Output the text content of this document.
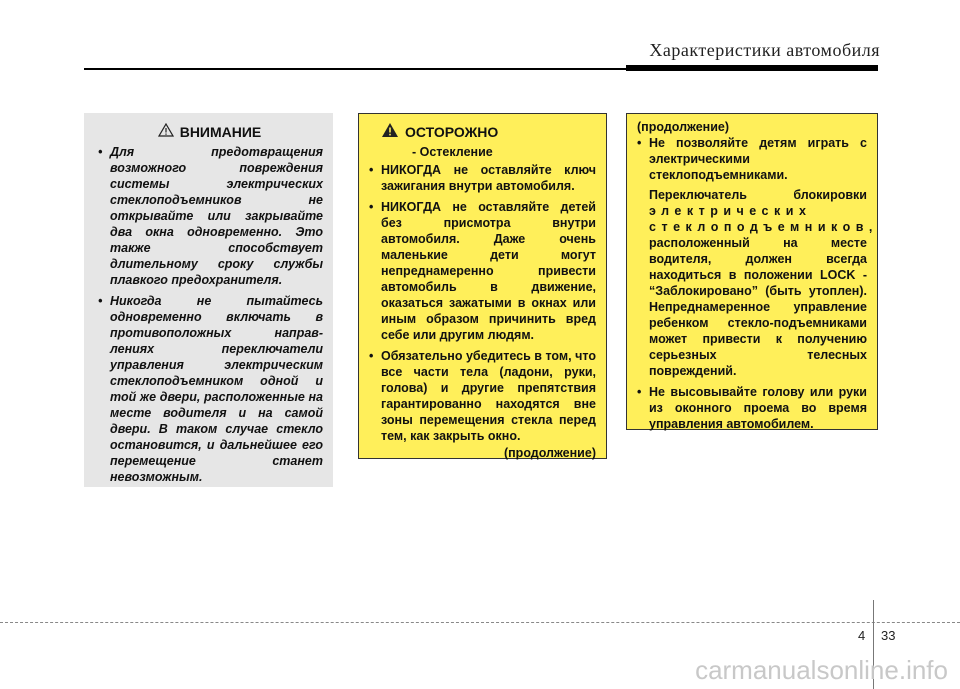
Характеристики автомобиля
ВНИМАНИЕ
• Для предотвращения возможного повреждения системы электрических стеклоподъемников не открывайте или закрывайте два окна одновременно. Это также способствует длительному сроку службы плавкого предохранителя.
• Никогда не пытайтесь одновременно включать в противоположных направ-лениях переключатели управления электрическим стеклоподъемником одной и той же двери, расположенные на месте водителя и на самой двери. В таком случае стекло остановится, и дальнейшее его перемещение станет невозможным.
ОСТОРОЖНО
- Остекление
• НИКОГДА не оставляйте ключ зажигания внутри автомобиля.
• НИКОГДА не оставляйте детей без присмотра внутри автомобиля. Даже очень маленькие дети могут непреднамеренно привести автомобиль в движение, оказаться зажатыми в окнах или иным образом причинить вред себе или другим людям.
• Обязательно убедитесь в том, что все части тела (ладони, руки, голова) и другие препятствия гарантированно находятся вне зоны перемещения стекла перед тем, как закрыть окно.
(продолжение)
(продолжение)
• Не позволяйте детям играть с электрическими стеклоподъемниками.

Переключатель блокировки электрических стеклоподъемников, расположенный на месте водителя, должен всегда находиться в положении LOCK - “Заблокировано” (быть утоплен). Непреднамеренное управление ребенком стекло-подъемниками может привести к получению серьезных телесных повреждений.

• Не высовывайте голову или руки из оконного проема во время управления автомобилем.
4 33
carmanualsonline.info
